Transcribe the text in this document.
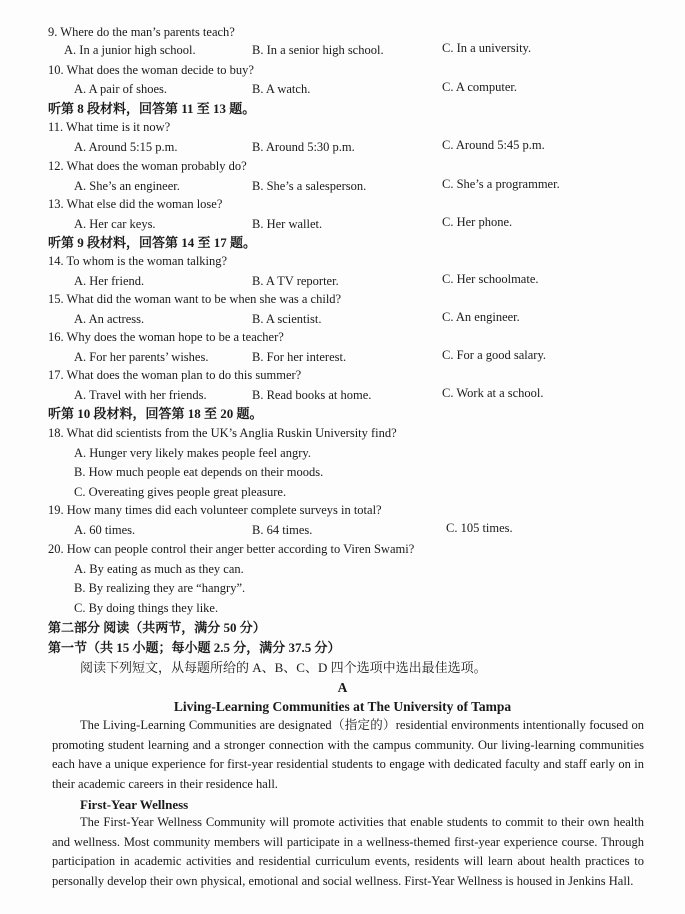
9. Where do the man’s parents teach?
A. In a junior high school.	B. In a senior high school.	C. In a university.
10. What does the woman decide to buy?
A. A pair of shoes.	B. A watch.	C. A computer.
听第 8 段材料，回答第 11 至 13 题。
11. What time is it now?
A. Around 5:15 p.m.	B. Around 5:30 p.m.	C. Around 5:45 p.m.
12. What does the woman probably do?
A. She’s an engineer.	B. She’s a salesperson.	C. She’s a programmer.
13. What else did the woman lose?
A. Her car keys.	B. Her wallet.	C. Her phone.
听第 9 段材料，回答第 14 至 17 题。
14. To whom is the woman talking?
A. Her friend.	B. A TV reporter.	C. Her schoolmate.
15. What did the woman want to be when she was a child?
A. An actress.	B. A scientist.	C. An engineer.
16. Why does the woman hope to be a teacher?
A. For her parents’ wishes.	B. For her interest.	C. For a good salary.
17. What does the woman plan to do this summer?
A. Travel with her friends.	B. Read books at home.	C. Work at a school.
听第 10 段材料，回答第 18 至 20 题。
18. What did scientists from the UK’s Anglia Ruskin University find?
A. Hunger very likely makes people feel angry.
B. How much people eat depends on their moods.
C. Overeating gives people great pleasure.
19. How many times did each volunteer complete surveys in total?
A. 60 times.	B. 64 times.	C. 105 times.
20. How can people control their anger better according to Viren Swami?
A. By eating as much as they can.
B. By realizing they are “hangry”.
C. By doing things they like.
第二部分 阅读（共两节，满分 50 分）
第一节（共 15 小题；每小题 2.5 分，满分 37.5 分）
阅读下列短文，从每题所给的 A、B、C、D 四个选项中选出最佳选项。
A
Living-Learning Communities at The University of Tampa
The Living-Learning Communities are designated（指定的）residential environments intentionally focused on promoting student learning and a stronger connection with the campus community. Our living-learning communities each have a unique experience for first-year residential students to engage with dedicated faculty and staff early on in their academic careers in their residence hall.
First-Year Wellness
The First-Year Wellness Community will promote activities that enable students to commit to their own health and wellness. Most community members will participate in a wellness-themed first-year experience course. Through participation in academic activities and residential curriculum events, residents will learn about health practices to personally develop their own physical, emotional and social wellness. First-Year Wellness is housed in Jenkins Hall.
